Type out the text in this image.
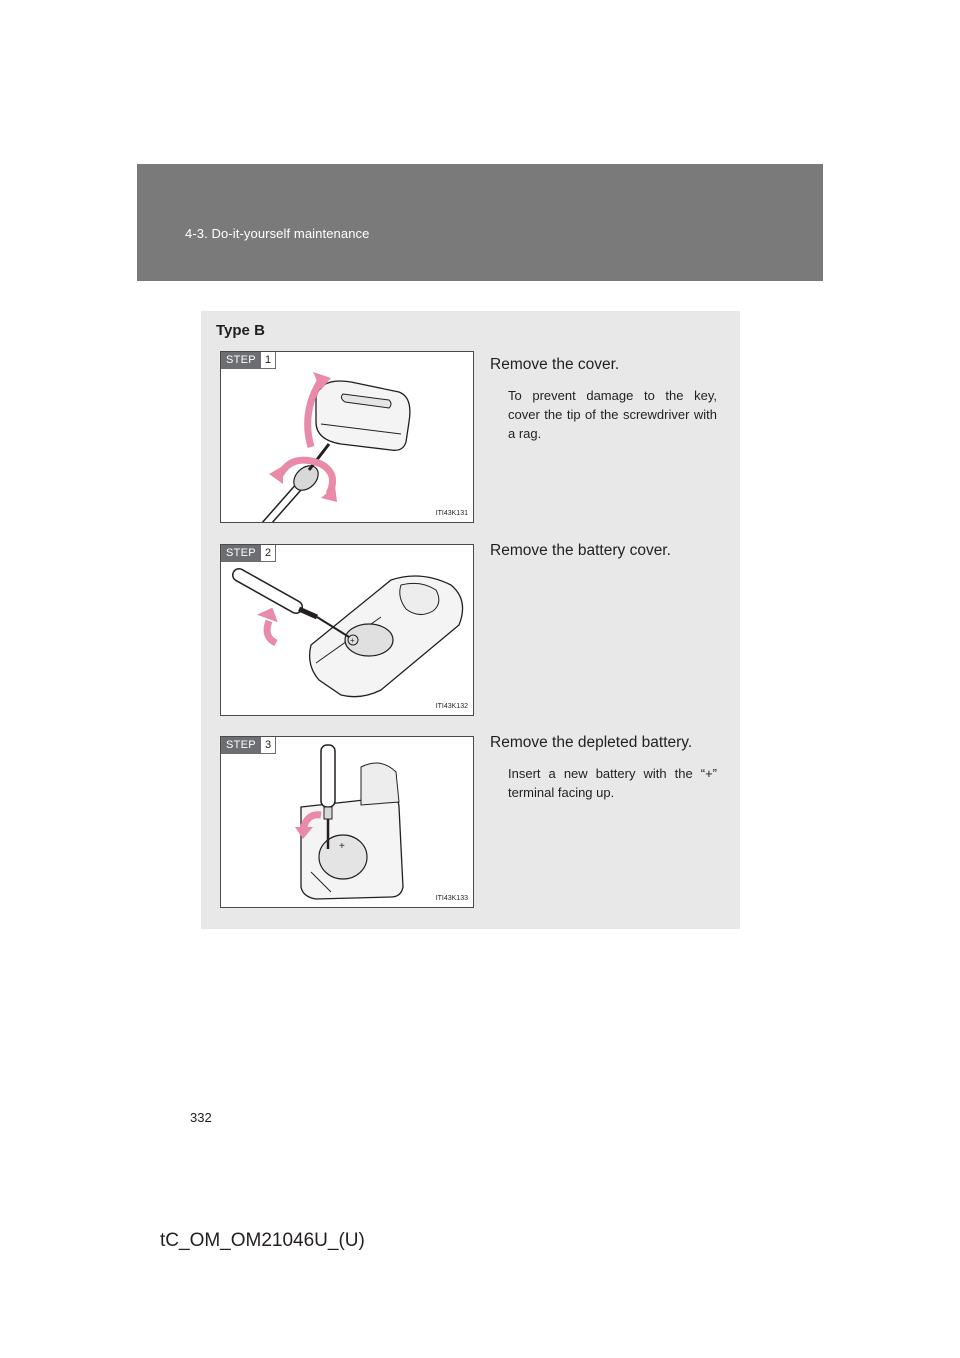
4-3. Do-it-yourself maintenance
Type B
STEP 1
ITI43K131
Remove the cover.
To prevent damage to the key, cover the tip of the screwdriver with a rag.
STEP 2
+
ITI43K132
Remove the battery cover.
STEP 3
+
ITI43K133
Remove the depleted battery.
Insert a new battery with the “+” terminal facing up.
332
tC_OM_OM21046U_(U)
